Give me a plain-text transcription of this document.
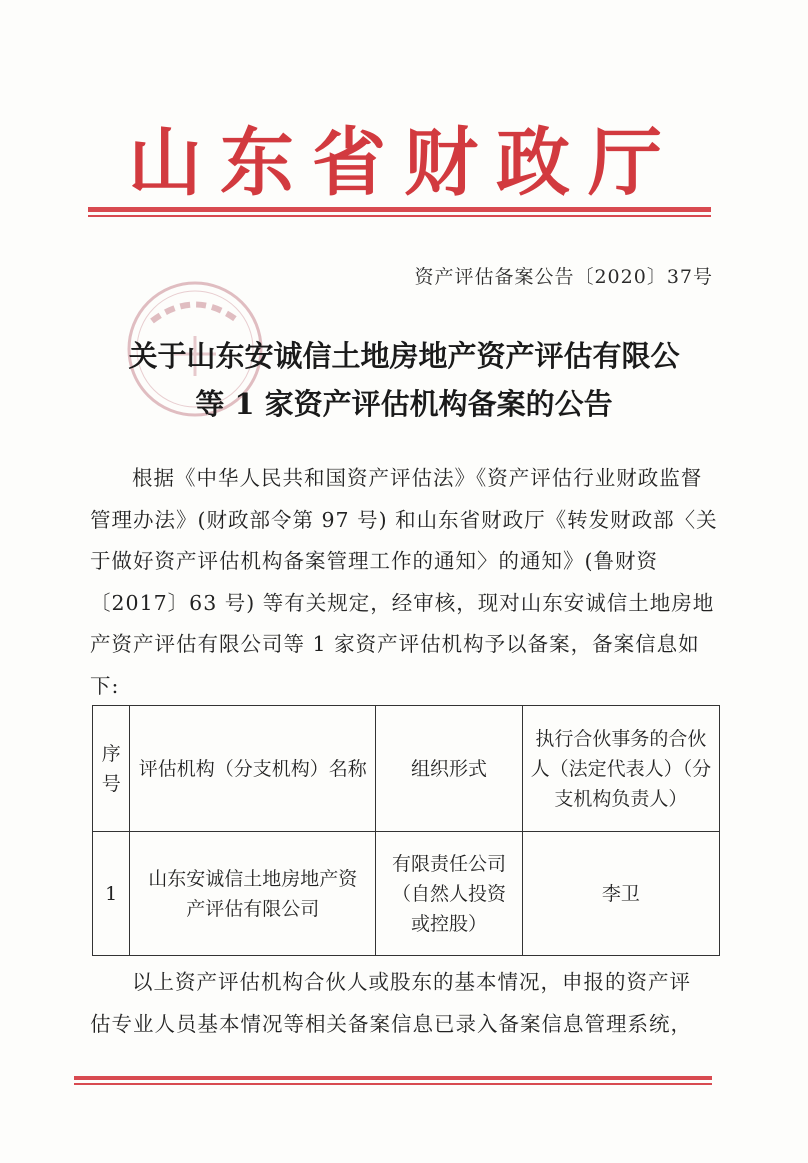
山东省财政厅
资产评估备案公告〔2020〕37号
关于山东安诚信土地房地产资产评估有限公
等 1 家资产评估机构备案的公告
根据《中华人民共和国资产评估法》《资产评估行业财政监督
管理办法》(财政部令第 97 号) 和山东省财政厅《转发财政部〈关
于做好资产评估机构备案管理工作的通知〉的通知》(鲁财资
〔2017〕63 号) 等有关规定，经审核，现对山东安诚信土地房地
产资产评估有限公司等 1 家资产评估机构予以备案，备案信息如
下:
序号	评估机构（分支机构）名称	组织形式	执行合伙事务的合伙人（法定代表人）（分支机构负责人）
1	山东安诚信土地房地产资产评估有限公司	有限责任公司（自然人投资或控股）	李卫
以上资产评估机构合伙人或股东的基本情况，申报的资产评
估专业人员基本情况等相关备案信息已录入备案信息管理系统，
